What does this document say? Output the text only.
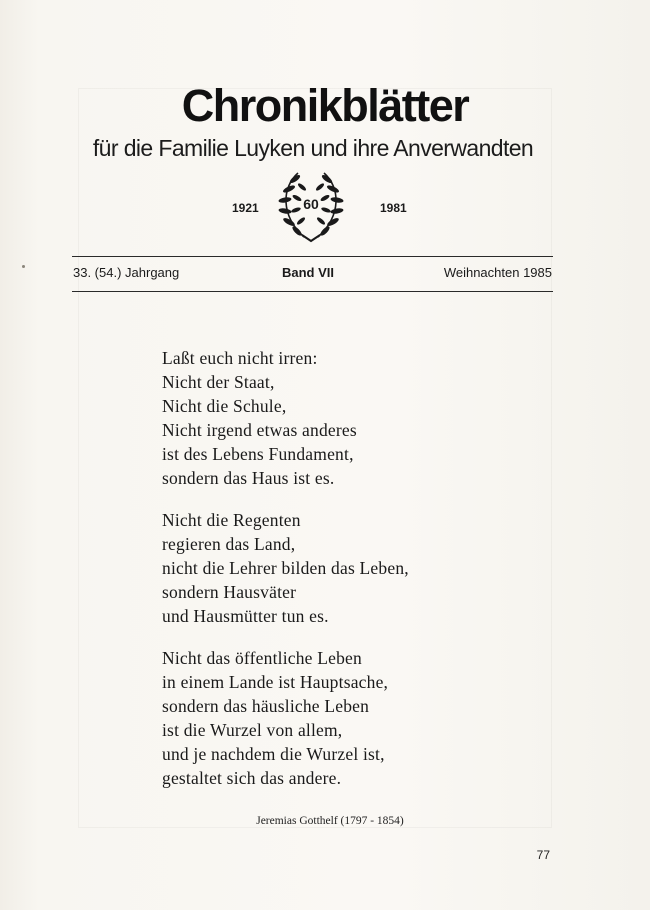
Chronikblätter
für die Familie Luyken und ihre Anverwandten
1921	60	1981
33. (54.) Jahrgang	Band VII	Weihnachten 1985
Laßt euch nicht irren:
Nicht der Staat,
Nicht die Schule,
Nicht irgend etwas anderes
ist des Lebens Fundament,
sondern das Haus ist es.
Nicht die Regenten
regieren das Land,
nicht die Lehrer bilden das Leben,
sondern Hausväter
und Hausmütter tun es.
Nicht das öffentliche Leben
in einem Lande ist Hauptsache,
sondern das häusliche Leben
ist die Wurzel von allem,
und je nachdem die Wurzel ist,
gestaltet sich das andere.
Jeremias Gotthelf (1797 - 1854)
77
